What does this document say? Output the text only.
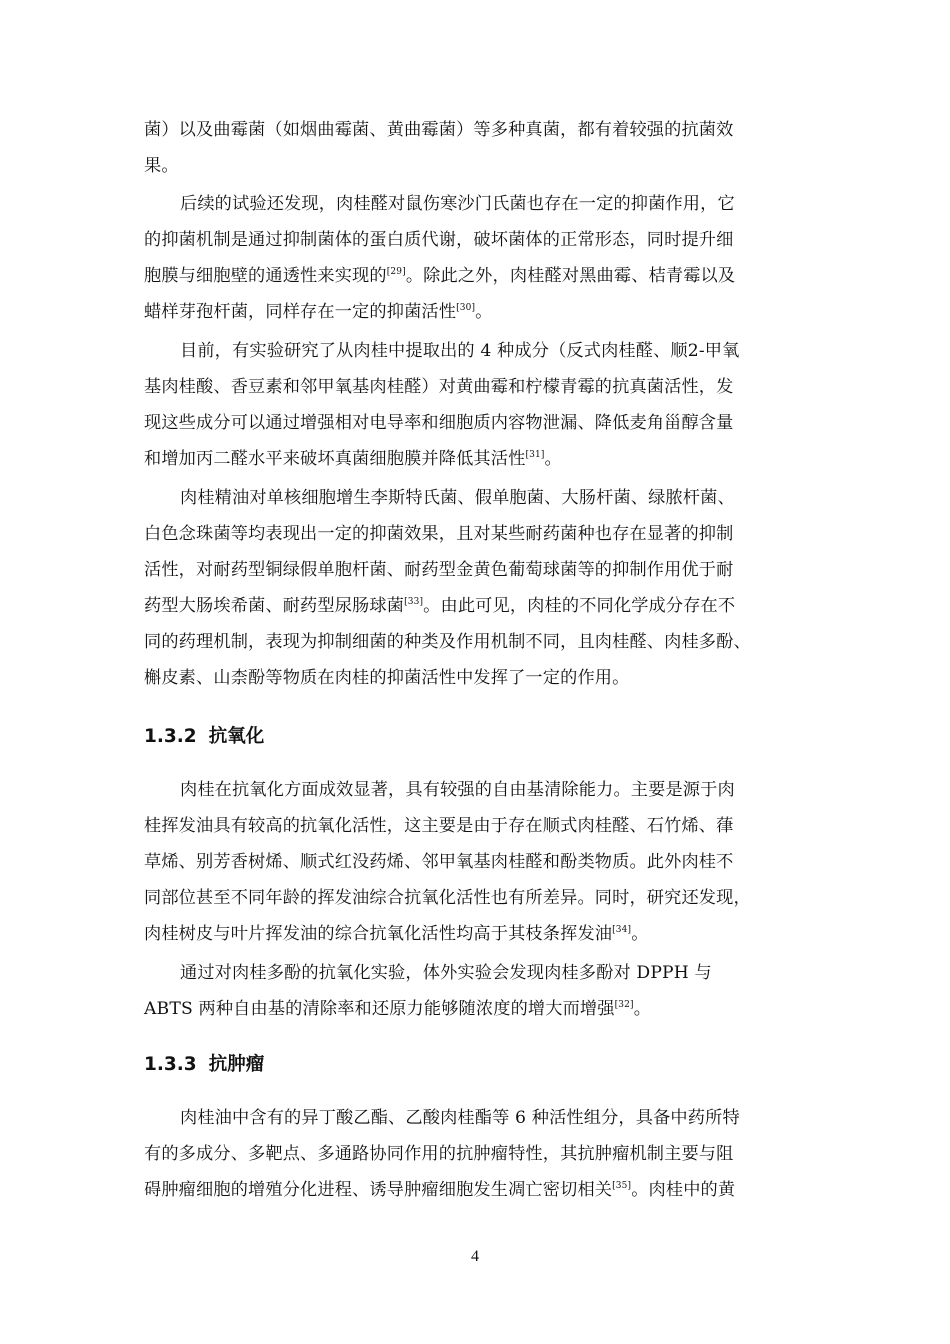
菌）以及曲霉菌（如烟曲霉菌、黄曲霉菌）等多种真菌，都有着较强的抗菌效
果。
后续的试验还发现，肉桂醛对鼠伤寒沙门氏菌也存在一定的抑菌作用，它
的抑菌机制是通过抑制菌体的蛋白质代谢，破坏菌体的正常形态，同时提升细
胞膜与细胞壁的通透性来实现的[29]。除此之外，肉桂醛对黑曲霉、桔青霉以及
蜡样芽孢杆菌，同样存在一定的抑菌活性[30]。
目前，有实验研究了从肉桂中提取出的 4 种成分（反式肉桂醛、顺2-甲氧
基肉桂酸、香豆素和邻甲氧基肉桂醛）对黄曲霉和柠檬青霉的抗真菌活性，发
现这些成分可以通过增强相对电导率和细胞质内容物泄漏、降低麦角甾醇含量
和增加丙二醛水平来破坏真菌细胞膜并降低其活性[31]。
肉桂精油对单核细胞增生李斯特氏菌、假单胞菌、大肠杆菌、绿脓杆菌、
白色念珠菌等均表现出一定的抑菌效果，且对某些耐药菌种也存在显著的抑制
活性，对耐药型铜绿假单胞杆菌、耐药型金黄色葡萄球菌等的抑制作用优于耐
药型大肠埃希菌、耐药型尿肠球菌[33]。由此可见，肉桂的不同化学成分存在不
同的药理机制，表现为抑制细菌的种类及作用机制不同，且肉桂醛、肉桂多酚、
槲皮素、山柰酚等物质在肉桂的抑菌活性中发挥了一定的作用。
1.3.2 抗氧化
肉桂在抗氧化方面成效显著，具有较强的自由基清除能力。主要是源于肉
桂挥发油具有较高的抗氧化活性，这主要是由于存在顺式肉桂醛、石竹烯、葎
草烯、别芳香树烯、顺式红没药烯、邻甲氧基肉桂醛和酚类物质。此外肉桂不
同部位甚至不同年龄的挥发油综合抗氧化活性也有所差异。同时，研究还发现，
肉桂树皮与叶片挥发油的综合抗氧化活性均高于其枝条挥发油[34]。
通过对肉桂多酚的抗氧化实验，体外实验会发现肉桂多酚对 DPPH 与
ABTS 两种自由基的清除率和还原力能够随浓度的增大而增强[32]。
1.3.3 抗肿瘤
肉桂油中含有的异丁酸乙酯、乙酸肉桂酯等 6 种活性组分，具备中药所特
有的多成分、多靶点、多通路协同作用的抗肿瘤特性，其抗肿瘤机制主要与阻
碍肿瘤细胞的增殖分化进程、诱导肿瘤细胞发生凋亡密切相关[35]。肉桂中的黄
4
